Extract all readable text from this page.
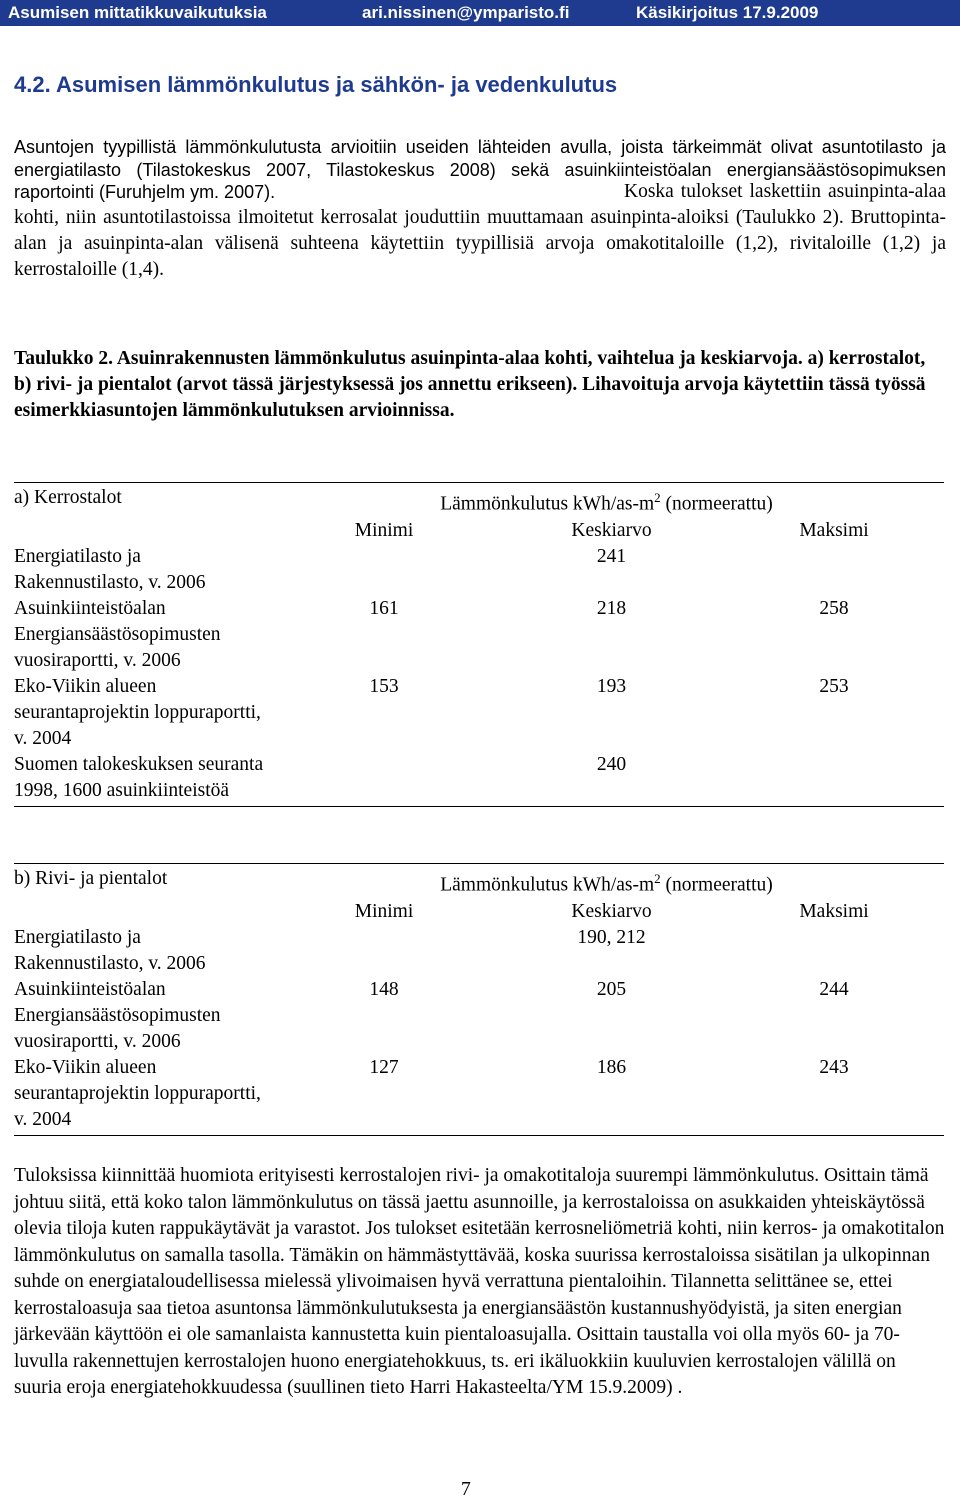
Asumisen mittatikkuvaikutuksia	ari.nissinen@ymparisto.fi	Käsikirjoitus 17.9.2009
4.2. Asumisen lämmönkulutus ja sähkön- ja vedenkulutus

Asuntojen tyypillistä lämmönkulutusta arvioitiin useiden lähteiden avulla, joista tärkeimmät olivat asuntotilasto ja energiatilasto (Tilastokeskus 2007, Tilastokeskus 2008) sekä asuinkiinteistöalan energiansäästösopimuksen raportointi (Furuhjelm ym. 2007).	Koska tulokset laskettiin asuinpinta-alaa kohti, niin asuntotilastoissa ilmoitetut kerrosalat jouduttiin muuttamaan asuinpinta-aloiksi (Taulukko 2). Bruttopinta-alan ja asuinpinta-alan välisenä suhteena käytettiin tyypillisiä arvoja omakotitaloille (1,2), rivitaloille (1,2) ja kerrostaloille (1,4).

Taulukko 2. Asuinrakennusten lämmönkulutus asuinpinta-alaa kohti, vaihtelua ja keskiarvoja. a) kerrostalot, b) rivi- ja pientalot (arvot tässä järjestyksessä jos annettu erikseen). Lihavoituja arvoja käytettiin tässä työssä esimerkkiasuntojen lämmönkulutuksen arvioinnissa.

a) Kerrostalot	Lämmönkulutus kWh/$as-m^2$ (normeerattu)		
	Minimi	Keskiarvo	Maksimi
Energiatilasto ja Rakennustilasto, v. 2006		241	
Asuinkiinteistöalan Energiansäästösopimusten vuosiraportti, v. 2006	161	218	258
Eko-Viikin alueen seurantaprojektin loppuraportti, v. 2004	153	193	253
Suomen talokeskuksen seuranta 1998, 1600 asuinkiinteistöä		240	
b) Rivi- ja pientalot	Lämmönkulutus kWh/$as-m^2$ (normeerattu)		
	Minimi	Keskiarvo	Maksimi
Energiatilasto ja Rakennustilasto, v. 2006		190, 212	
Asuinkiinteistöalan Energiansäästösopimusten vuosiraportti, v. 2006	148	205	244
Eko-Viikin alueen seurantaprojektin loppuraportti, v. 2004	127	186	243

Tuloksissa kiinnittää huomiota erityisesti kerrostalojen rivi- ja omakotitaloja suurempi lämmönkulutus. Osittain tämä johtuu siitä, että koko talon lämmönkulutus on tässä jaettu asunnoille, ja kerrostaloissa on asukkaiden yhteiskäytössä olevia tiloja kuten rappukäytävät ja varastot. Jos tulokset esitetään kerrosneliömetriä kohti, niin kerros- ja omakotitalon lämmönkulutus on samalla tasolla. Tämäkin on hämmästyttävää, koska suurissa kerrostaloissa sisätilan ja ulkopinnan suhde on energiataloudellisessa mielessä ylivoimaisen hyvä verrattuna pientaloihin. Tilannetta selittänee se, ettei kerrostaloasuja saa tietoa asuntonsa lämmönkulutuksesta ja energiansäästön kustannushyödyistä, ja siten energian järkevään käyttöön ei ole samanlaista kannustetta kuin pientaloasujalla. Osittain taustalla voi olla myös 60- ja 70-luvulla rakennettujen kerrostalojen huono energiatehokkuus, ts. eri ikäluokkiin kuuluvien kerrostalojen välillä on suuria eroja energiatehokkuudessa (suullinen tieto Harri Hakasteelta/YM 15.9.2009) .

7
